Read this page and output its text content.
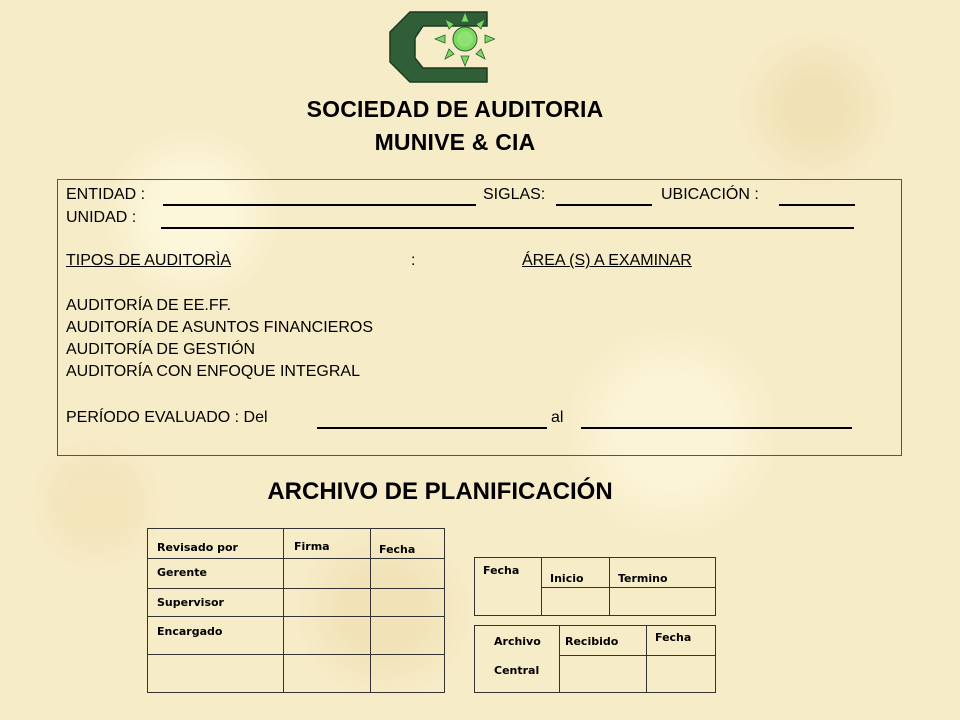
SOCIEDAD DE AUDITORIA
MUNIVE & CIA
ENTIDAD :	SIGLAS:	UBICACIÓN :
UNIDAD :
TIPOS DE AUDITORÌA	:	ÁREA (S) A EXAMINAR
AUDITORÍA DE EE.FF.
AUDITORÍA DE ASUNTOS FINANCIEROS
AUDITORÍA DE GESTIÓN
AUDITORÍA CON ENFOQUE INTEGRAL
PERÍODO EVALUADO : Del	al
ARCHIVO DE PLANIFICACIÓN
Revisado por	Firma	Fecha

Gerente		

Supervisor		

Encargado		

Fecha	Inicio	Termino

Archivo
Central	Recibido	Fecha
